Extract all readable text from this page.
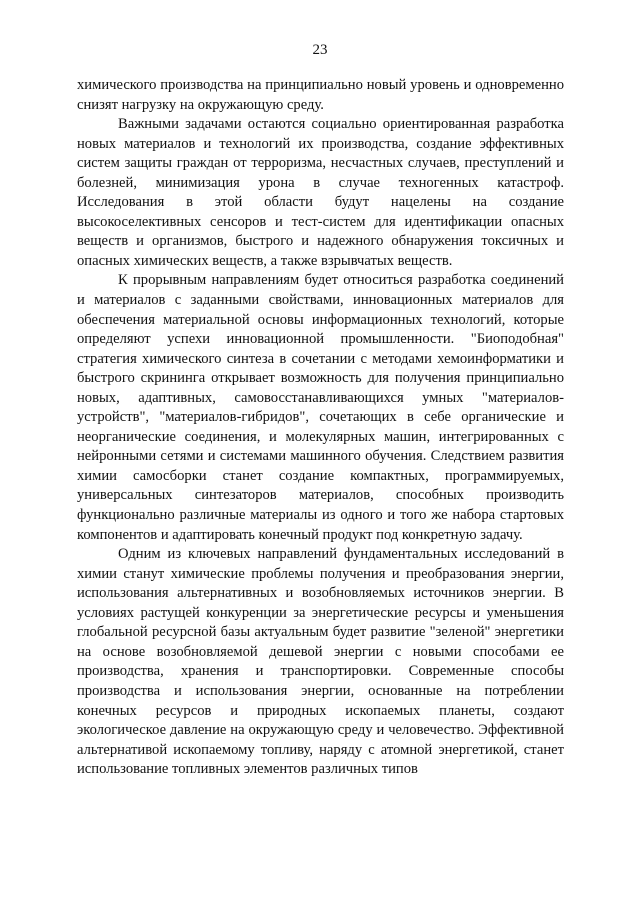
23

химического производства на принципиально новый уровень и одновременно снизят нагрузку на окружающую среду.

Важными задачами остаются социально ориентированная разработка новых материалов и технологий их производства, создание эффективных систем защиты граждан от терроризма, несчастных случаев, преступлений и болезней, минимизация урона в случае техногенных катастроф. Исследования в этой области будут нацелены на создание высокоселективных сенсоров и тест-систем для идентификации опасных веществ и организмов, быстрого и надежного обнаружения токсичных и опасных химических веществ, а также взрывчатых веществ.

К прорывным направлениям будет относиться разработка соединений и материалов с заданными свойствами, инновационных материалов для обеспечения материальной основы информационных технологий, которые определяют успехи инновационной промышленности. "Биоподобная" стратегия химического синтеза в сочетании с методами хемоинформатики и быстрого скрининга открывает возможность для получения принципиально новых, адаптивных, самовосстанавливающихся умных "материалов-устройств", "материалов-гибридов", сочетающих в себе органические и неорганические соединения, и молекулярных машин, интегрированных с нейронными сетями и системами машинного обучения. Следствием развития химии самосборки станет создание компактных, программируемых, универсальных синтезаторов материалов, способных производить функционально различные материалы из одного и того же набора стартовых компонентов и адаптировать конечный продукт под конкретную задачу.

Одним из ключевых направлений фундаментальных исследований в химии станут химические проблемы получения и преобразования энергии, использования альтернативных и возобновляемых источников энергии. В условиях растущей конкуренции за энергетические ресурсы и уменьшения глобальной ресурсной базы актуальным будет развитие "зеленой" энергетики на основе возобновляемой дешевой энергии с новыми способами ее производства, хранения и транспортировки. Современные способы производства и использования энергии, основанные на потреблении конечных ресурсов и природных ископаемых планеты, создают экологическое давление на окружающую среду и человечество. Эффективной альтернативой ископаемому топливу, наряду с атомной энергетикой, станет использование топливных элементов различных типов
